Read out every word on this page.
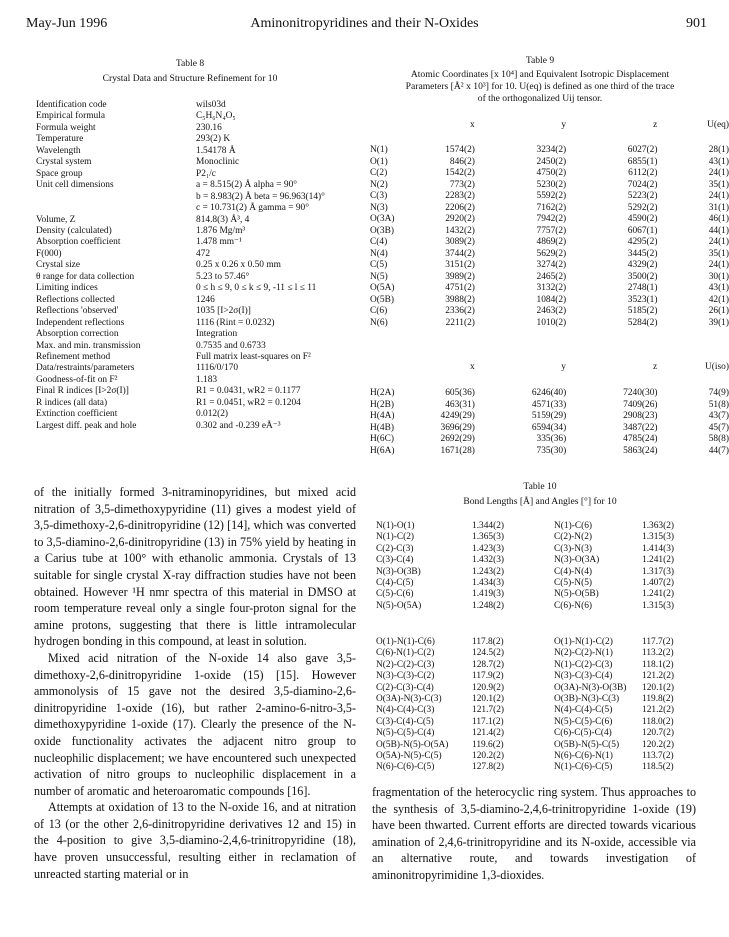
May-Jun 1996	Aminonitropyridines and their N-Oxides	901
Table 8
Crystal Data and Structure Refinement for 10
Identification code	wils03d
Empirical formula	C₅H₆N₄O₅
Formula weight	230.16
Temperature	293(2) K
Wavelength	1.54178 Å
Crystal system	Monoclinic
Space group	P2₁/c
Unit cell dimensions	a = 8.515(2) Å alpha = 90°
b = 8.983(2) Å beta = 96.963(14)°
c = 10.731(2) Å gamma = 90°
Volume, Z	814.8(3) Å³, 4
Density (calculated)	1.876 Mg/m³
Absorption coefficient	1.478 mm⁻¹
F(000)	472
Crystal size	0.25 x 0.26 x 0.50 mm
θ range for data collection	5.23 to 57.46°
Limiting indices	0 ≤ h ≤ 9, 0 ≤ k ≤ 9, -11 ≤ l ≤ 11
Reflections collected	1246
Reflections 'observed'	1035 [I>2σ(I)]
Independent reflections	1116 (Rint = 0.0232)
Absorption correction	Integration
Max. and min. transmission	0.7535 and 0.6733
Refinement method	Full matrix least-squares on F²
Data/restraints/parameters	1116/0/170
Goodness-of-fit on F²	1.183
Final R indices [I>2σ(I)]	R1 = 0.0431, wR2 = 0.1177
R indices (all data)	R1 = 0.0451, wR2 = 0.1204
Extinction coefficient	0.012(2)
Largest diff. peak and hole	0.302 and -0.239 eÅ⁻³
Table 9
Atomic Coordinates [x 10⁴] and Equivalent Isotropic Displacement
Parameters [Å² x 10³] for 10. U(eq) is defined as one third of the trace
of the orthogonalized Uij tensor.
	x	y	z	U(eq)
N(1)	1574(2)	3234(2)	6027(2)	28(1)
O(1)	846(2)	2450(2)	6855(1)	43(1)
C(2)	1542(2)	4750(2)	6112(2)	24(1)
N(2)	773(2)	5230(2)	7024(2)	35(1)
C(3)	2283(2)	5592(2)	5223(2)	24(1)
N(3)	2206(2)	7162(2)	5292(2)	31(1)
O(3A)	2920(2)	7942(2)	4590(2)	46(1)
O(3B)	1432(2)	7757(2)	6067(1)	44(1)
C(4)	3089(2)	4869(2)	4295(2)	24(1)
N(4)	3744(2)	5629(2)	3445(2)	35(1)
C(5)	3151(2)	3274(2)	4329(2)	24(1)
N(5)	3989(2)	2465(2)	3500(2)	30(1)
O(5A)	4751(2)	3132(2)	2748(1)	43(1)
O(5B)	3988(2)	1084(2)	3523(1)	42(1)
C(6)	2336(2)	2463(2)	5185(2)	26(1)
N(6)	2211(2)	1010(2)	5284(2)	39(1)
	x	y	z	U(iso)
H(2A)	605(36)	6246(40)	7240(30)	74(9)
H(2B)	463(31)	4571(33)	7409(26)	51(8)
H(4A)	4249(29)	5159(29)	2908(23)	43(7)
H(4B)	3696(29)	6594(34)	3487(22)	45(7)
H(6C)	2692(29)	335(36)	4785(24)	58(8)
H(6A)	1671(28)	735(30)	5863(24)	44(7)
Table 10
Bond Lengths [Å] and Angles [°] for 10
N(1)-O(1)	1.344(2)	N(1)-C(6)	1.363(2)
N(1)-C(2)	1.365(3)	C(2)-N(2)	1.315(3)
C(2)-C(3)	1.423(3)	C(3)-N(3)	1.414(3)
C(3)-C(4)	1.432(3)	N(3)-O(3A)	1.241(2)
N(3)-O(3B)	1.243(2)	C(4)-N(4)	1.317(3)
C(4)-C(5)	1.434(3)	C(5)-N(5)	1.407(2)
C(5)-C(6)	1.419(3)	N(5)-O(5B)	1.241(2)
N(5)-O(5A)	1.248(2)	C(6)-N(6)	1.315(3)
O(1)-N(1)-C(6)	117.8(2)	O(1)-N(1)-C(2)	117.7(2)
C(6)-N(1)-C(2)	124.5(2)	N(2)-C(2)-N(1)	113.2(2)
N(2)-C(2)-C(3)	128.7(2)	N(1)-C(2)-C(3)	118.1(2)
N(3)-C(3)-C(2)	117.9(2)	N(3)-C(3)-C(4)	121.2(2)
C(2)-C(3)-C(4)	120.9(2)	O(3A)-N(3)-O(3B)	120.1(2)
O(3A)-N(3)-C(3)	120.1(2)	O(3B)-N(3)-C(3)	119.8(2)
N(4)-C(4)-C(3)	121.7(2)	N(4)-C(4)-C(5)	121.2(2)
C(3)-C(4)-C(5)	117.1(2)	N(5)-C(5)-C(6)	118.0(2)
N(5)-C(5)-C(4)	121.4(2)	C(6)-C(5)-C(4)	120.7(2)
O(5B)-N(5)-O(5A)	119.6(2)	O(5B)-N(5)-C(5)	120.2(2)
O(5A)-N(5)-C(5)	120.2(2)	N(6)-C(6)-N(1)	113.7(2)
N(6)-C(6)-C(5)	127.8(2)	N(1)-C(6)-C(5)	118.5(2)

of the initially formed 3-nitraminopyridines, but mixed acid nitration of 3,5-dimethoxypyridine (11) gives a modest yield of 3,5-dimethoxy-2,6-dinitropyridine (12) [14], which was converted to 3,5-diamino-2,6-dinitropyridine (13) in 75% yield by heating in a Carius tube at 100° with ethanolic ammonia. Crystals of 13 suitable for single crystal X-ray diffraction studies have not been obtained. However ¹H nmr spectra of this material in DMSO at room temperature reveal only a single four-proton signal for the amine protons, suggesting that there is little intramolecular hydrogen bonding in this compound, at least in solution.

Mixed acid nitration of the N-oxide 14 also gave 3,5-dimethoxy-2,6-dinitropyridine 1-oxide (15) [15]. However ammonolysis of 15 gave not the desired 3,5-diamino-2,6-dinitropyridine 1-oxide (16), but rather 2-amino-6-nitro-3,5-dimethoxypyridine 1-oxide (17). Clearly the presence of the N-oxide functionality activates the adjacent nitro group to nucleophilic displacement; we have encountered such unexpected activation of nitro groups to nucleophilic displacement in a number of aromatic and heteroaromatic compounds [16].

Attempts at oxidation of 13 to the N-oxide 16, and at nitration of 13 (or the other 2,6-dinitropyridine derivatives 12 and 15) in the 4-position to give 3,5-diamino-2,4,6-trinitropyridine (18), have proven unsuccessful, resulting either in reclamation of unreacted starting material or in

fragmentation of the heterocyclic ring system. Thus approaches to the synthesis of 3,5-diamino-2,4,6-trinitropyridine 1-oxide (19) have been thwarted. Current efforts are directed towards vicarious amination of 2,4,6-trinitropyridine and its N-oxide, accessible via an alternative route, and towards investigation of aminonitropyrimidine 1,3-dioxides.
